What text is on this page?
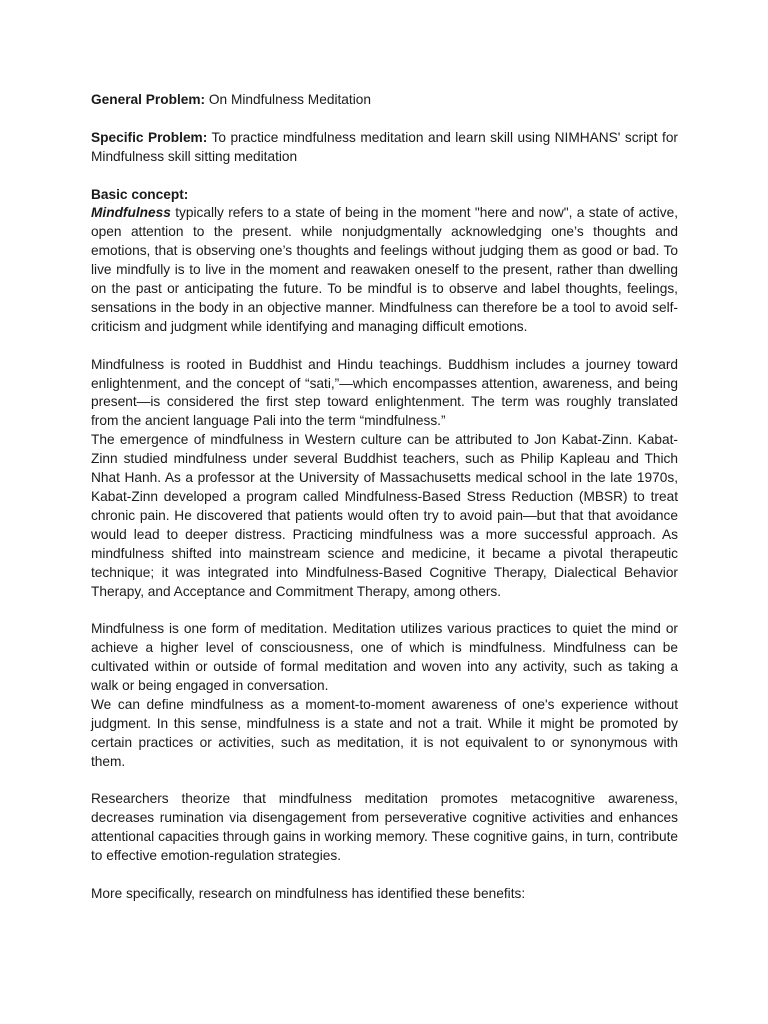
General Problem: On Mindfulness Meditation

Specific Problem: To practice mindfulness meditation and learn skill using NIMHANS' script for Mindfulness skill sitting meditation

Basic concept:

Mindfulness typically refers to a state of being in the moment "here and now", a state of active, open attention to the present. while nonjudgmentally acknowledging one’s thoughts and emotions, that is observing one’s thoughts and feelings without judging them as good or bad. To live mindfully is to live in the moment and reawaken oneself to the present, rather than dwelling on the past or anticipating the future. To be mindful is to observe and label thoughts, feelings, sensations in the body in an objective manner. Mindfulness can therefore be a tool to avoid self-criticism and judgment while identifying and managing difficult emotions.

Mindfulness is rooted in Buddhist and Hindu teachings. Buddhism includes a journey toward enlightenment, and the concept of “sati,”—which encompasses attention, awareness, and being present—is considered the first step toward enlightenment. The term was roughly translated from the ancient language Pali into the term “mindfulness.”

The emergence of mindfulness in Western culture can be attributed to Jon Kabat-Zinn. Kabat-Zinn studied mindfulness under several Buddhist teachers, such as Philip Kapleau and Thich Nhat Hanh. As a professor at the University of Massachusetts medical school in the late 1970s, Kabat-Zinn developed a program called Mindfulness-Based Stress Reduction (MBSR) to treat chronic pain. He discovered that patients would often try to avoid pain—but that that avoidance would lead to deeper distress. Practicing mindfulness was a more successful approach. As mindfulness shifted into mainstream science and medicine, it became a pivotal therapeutic technique; it was integrated into Mindfulness-Based Cognitive Therapy, Dialectical Behavior Therapy, and Acceptance and Commitment Therapy, among others.

Mindfulness is one form of meditation. Meditation utilizes various practices to quiet the mind or achieve a higher level of consciousness, one of which is mindfulness. Mindfulness can be cultivated within or outside of formal meditation and woven into any activity, such as taking a walk or being engaged in conversation.

We can define mindfulness as a moment-to-moment awareness of one's experience without judgment. In this sense, mindfulness is a state and not a trait. While it might be promoted by certain practices or activities, such as meditation, it is not equivalent to or synonymous with them.

Researchers theorize that mindfulness meditation promotes metacognitive awareness, decreases rumination via disengagement from perseverative cognitive activities and enhances attentional capacities through gains in working memory. These cognitive gains, in turn, contribute to effective emotion-regulation strategies.

More specifically, research on mindfulness has identified these benefits:
